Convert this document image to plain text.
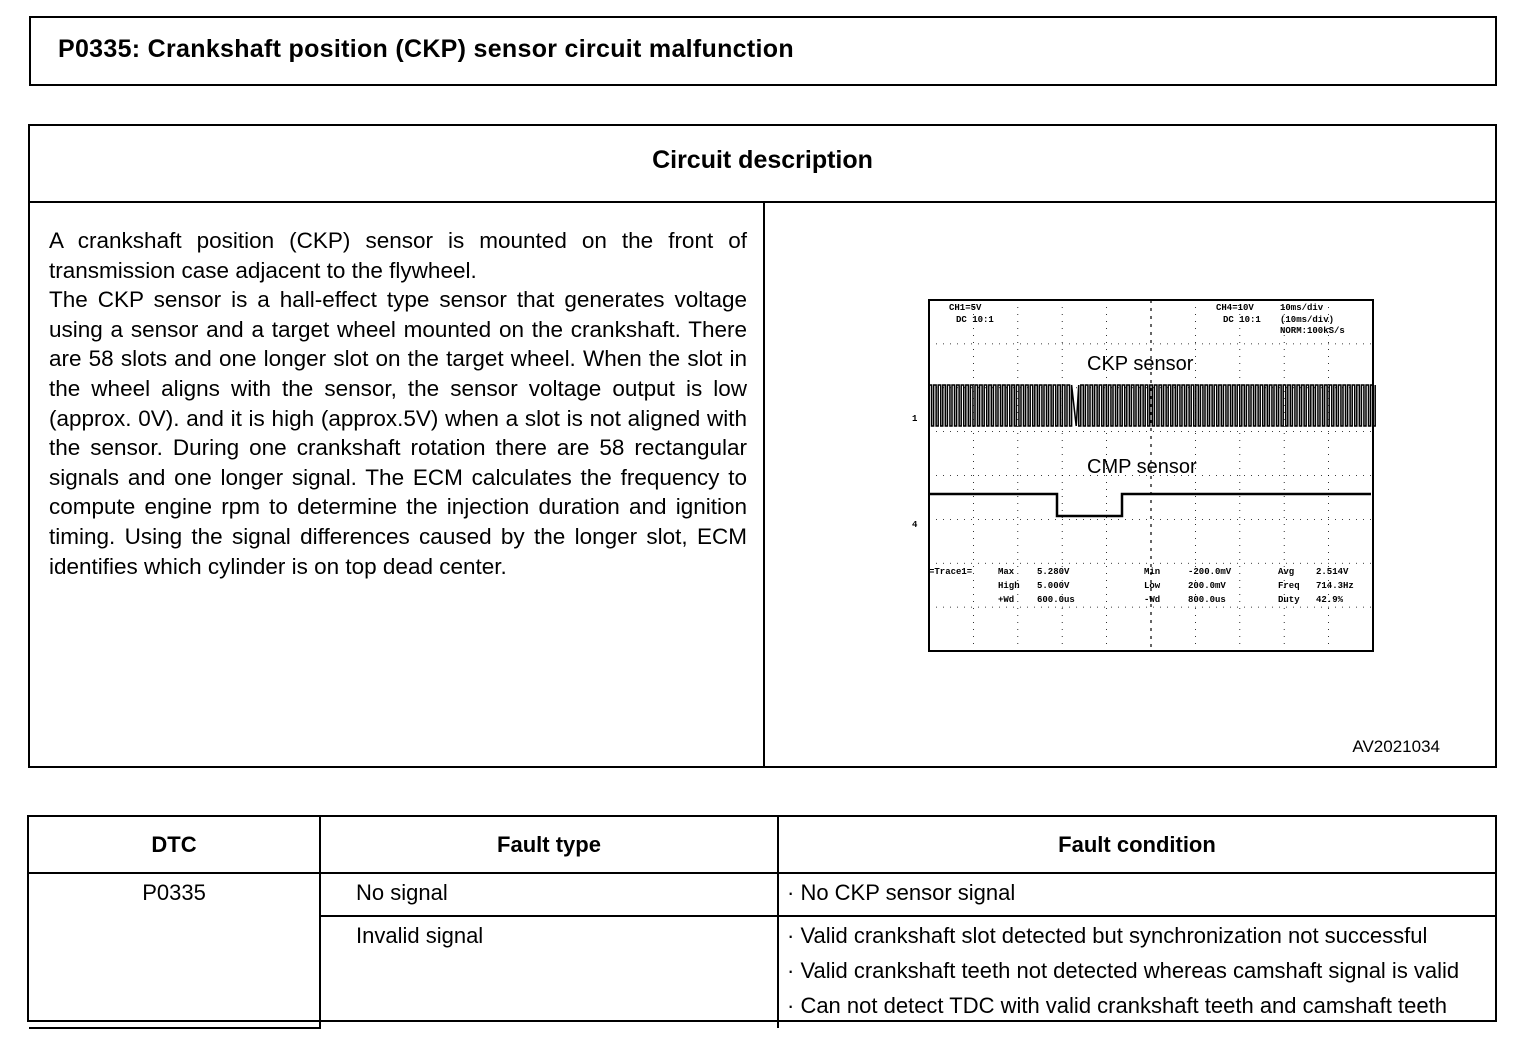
P0335: Crankshaft position (CKP) sensor circuit malfunction
Circuit description

A crankshaft position (CKP) sensor is mounted on the front of transmission case adjacent to the flywheel.

The CKP sensor is a hall-effect type sensor that generates voltage using a sensor and a target wheel mounted on the crankshaft. There are 58 slots and one longer slot on the target wheel. When the slot in the wheel aligns with the sensor, the sensor voltage output is low (approx. 0V). and it is high (approx.5V) when a slot is not aligned with the sensor. During one crankshaft rotation there are 58 rectangular signals and one longer signal. The ECM calculates the frequency to compute engine rpm to determine the injection duration and ignition timing. Using the signal differences caused by the longer slot, ECM identifies which cylinder is on top dead center.

CH1=5V
DC 10:1
CH4=10V
DC 10:1
10ms/div
(10ms/div)
NORM:100kS/s
CKP sensor
CMP sensor
1
4
=Trace1=	Max	5.280V
High 5.000V
+Wd	600.0us
Min	-200.0mV
Low	200.0mV
-Wd	800.0us
Avg 2.514V
Freq 714.3Hz
Duty 42.9%
AV2021034
DTC	Fault type	Fault condition
P0335	No signal	· No CKP sensor signal

	Invalid signal	· Valid crankshaft slot detected but synchronization not successful
· Valid crankshaft teeth not detected whereas camshaft signal is valid
· Can not detect TDC with valid crankshaft teeth and camshaft teeth
